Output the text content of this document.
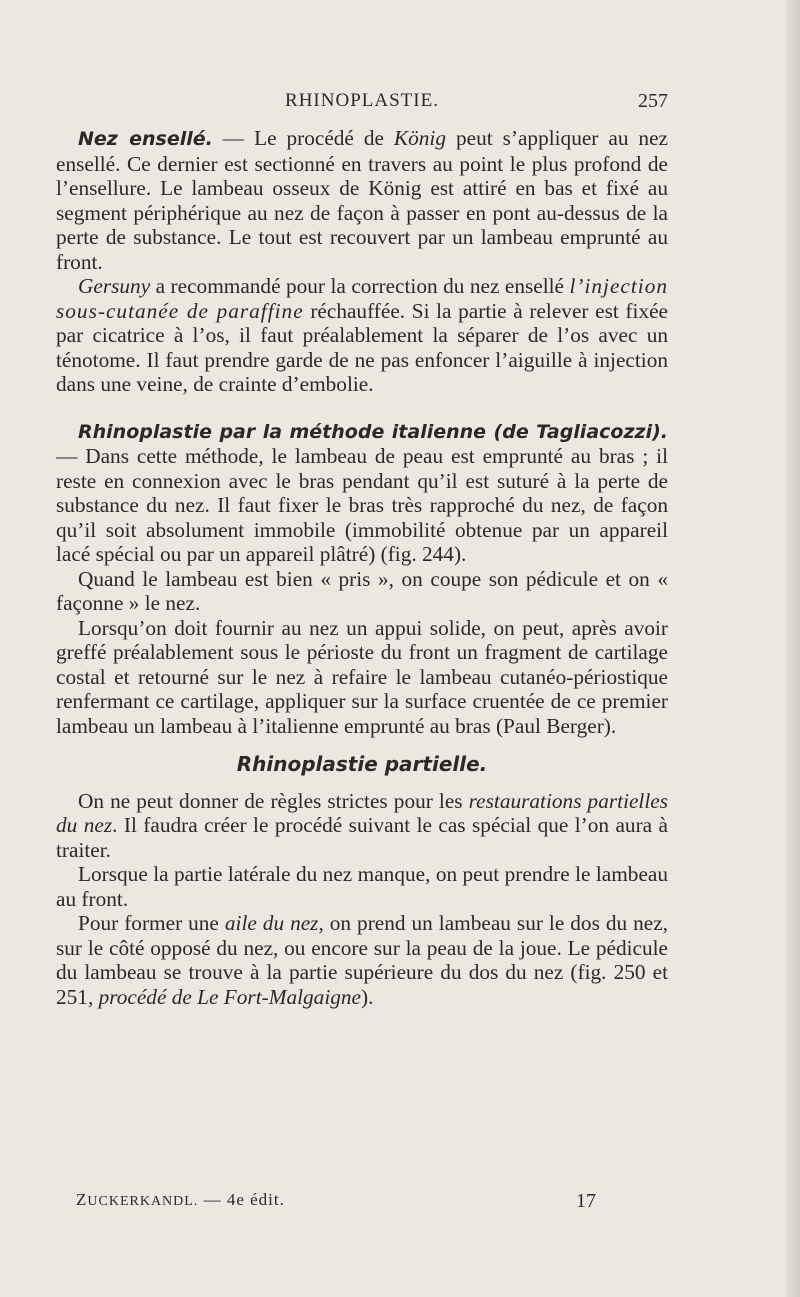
RHINOPLASTIE.	257

Nez ensellé. — Le procédé de König peut s’appliquer au nez ensellé. Ce dernier est sectionné en travers au point le plus profond de l’ensellure. Le lambeau osseux de König est attiré en bas et fixé au segment périphérique au nez de façon à passer en pont au-dessus de la perte de substance. Le tout est recouvert par un lambeau emprunté au front.

Gersuny a recommandé pour la correction du nez ensellé l’injection sous-cutanée de paraffine réchauffée. Si la partie à relever est fixée par cicatrice à l’os, il faut préalablement la séparer de l’os avec un ténotome. Il faut prendre garde de ne pas enfoncer l’aiguille à injection dans une veine, de crainte d’embolie.

Rhinoplastie par la méthode italienne (de Tagliacozzi). — Dans cette méthode, le lambeau de peau est emprunté au bras ; il reste en connexion avec le bras pendant qu’il est suturé à la perte de substance du nez. Il faut fixer le bras très rapproché du nez, de façon qu’il soit absolument immobile (immobilité obtenue par un appareil lacé spécial ou par un appareil plâtré) (fig. 244).

Quand le lambeau est bien « pris », on coupe son pédicule et on « façonne » le nez.

Lorsqu’on doit fournir au nez un appui solide, on peut, après avoir greffé préalablement sous le périoste du front un fragment de cartilage costal et retourné sur le nez à refaire le lambeau cutanéo-périostique renfermant ce cartilage, appliquer sur la surface cruentée de ce premier lambeau un lambeau à l’italienne emprunté au bras (Paul Berger).

Rhinoplastie partielle.

On ne peut donner de règles strictes pour les restaurations partielles du nez. Il faudra créer le procédé suivant le cas spécial que l’on aura à traiter.

Lorsque la partie latérale du nez manque, on peut prendre le lambeau au front.

Pour former une aile du nez, on prend un lambeau sur le dos du nez, sur le côté opposé du nez, ou encore sur la peau de la joue. Le pédicule du lambeau se trouve à la partie supérieure du dos du nez (fig. 250 et 251, procédé de Le Fort-Malgaigne).

ZUCKERKANDL. — 4e édit.	17
